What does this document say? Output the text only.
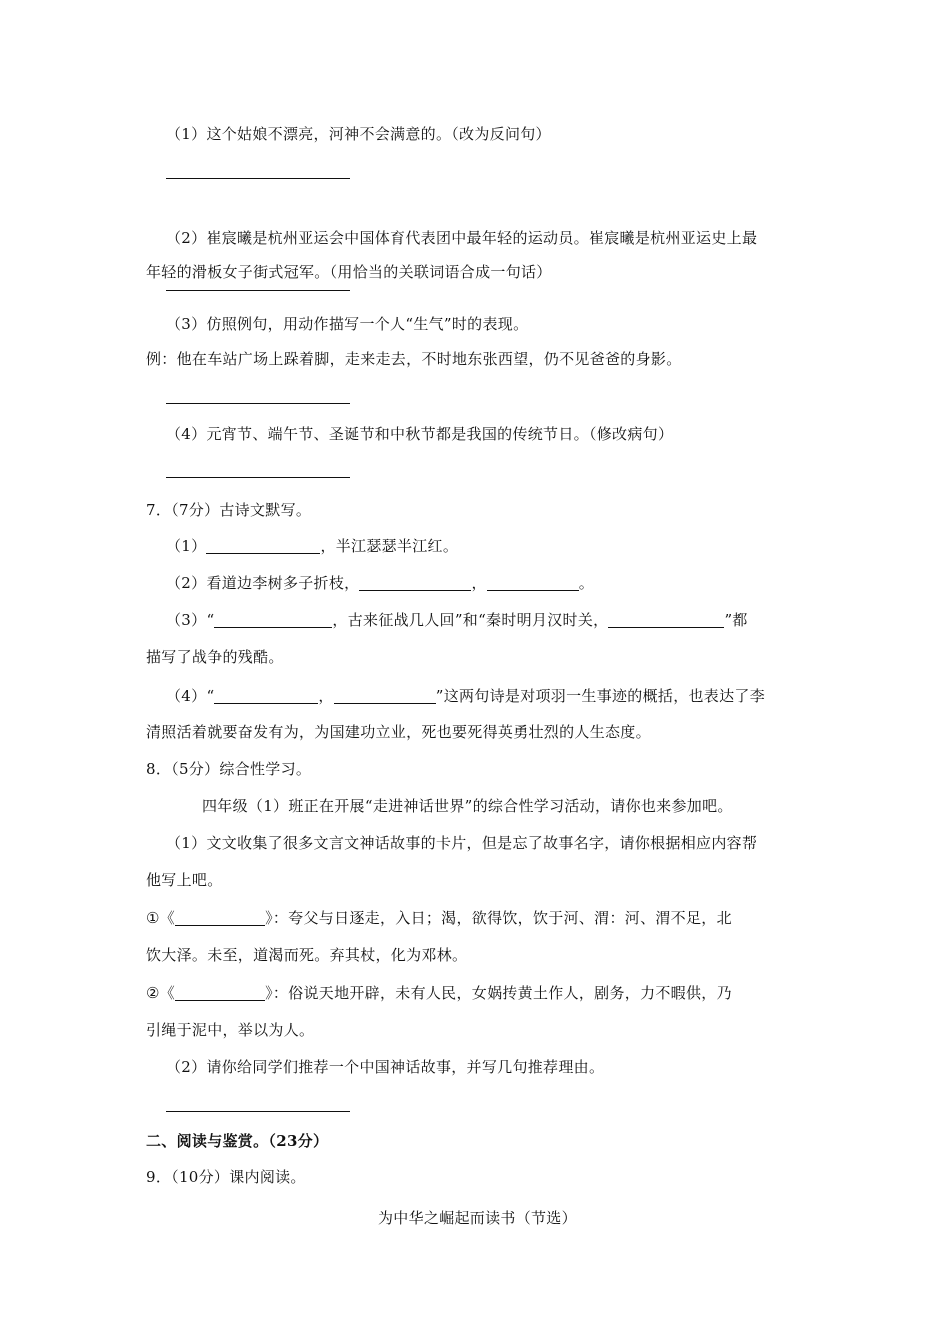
（1）这个姑娘不漂亮，河神不会满意的。（改为反问句）
（2）崔宸曦是杭州亚运会中国体育代表团中最年轻的运动员。崔宸曦是杭州亚运史上最
年轻的滑板女子街式冠军。（用恰当的关联词语合成一句话）
（3）仿照例句，用动作描写一个人“生气”时的表现。
例：他在车站广场上跺着脚，走来走去，不时地东张西望，仍不见爸爸的身影。
（4）元宵节、端午节、圣诞节和中秋节都是我国的传统节日。（修改病句）
7．（7分）古诗文默写。
（1）	，半江瑟瑟半江红。
（2）看道边李树多子折枝，	，	。
（3）“	，古来征战几人回”和“秦时明月汉时关，	”都
描写了战争的残酷。
（4）“	，	”这两句诗是对项羽一生事迹的概括，也表达了李
清照活着就要奋发有为，为国建功立业，死也要死得英勇壮烈的人生态度。
8．（5分）综合性学习。
四年级（1）班正在开展“走进神话世界”的综合性学习活动，请你也来参加吧。
（1）文文收集了很多文言文神话故事的卡片，但是忘了故事名字，请你根据相应内容帮
他写上吧。
①《	》：夸父与日逐走，入日；渴，欲得饮，饮于河、渭：河、渭不足，北
饮大泽。未至，道渴而死。弃其杖，化为邓林。
②《	》：俗说天地开辟，未有人民，女娲抟黄土作人，剧务，力不暇供，乃
引绳于泥中，举以为人。
（2）请你给同学们推荐一个中国神话故事，并写几句推荐理由。
二、阅读与鉴赏。（23分）
9．（10分）课内阅读。
为中华之崛起而读书（节选）
